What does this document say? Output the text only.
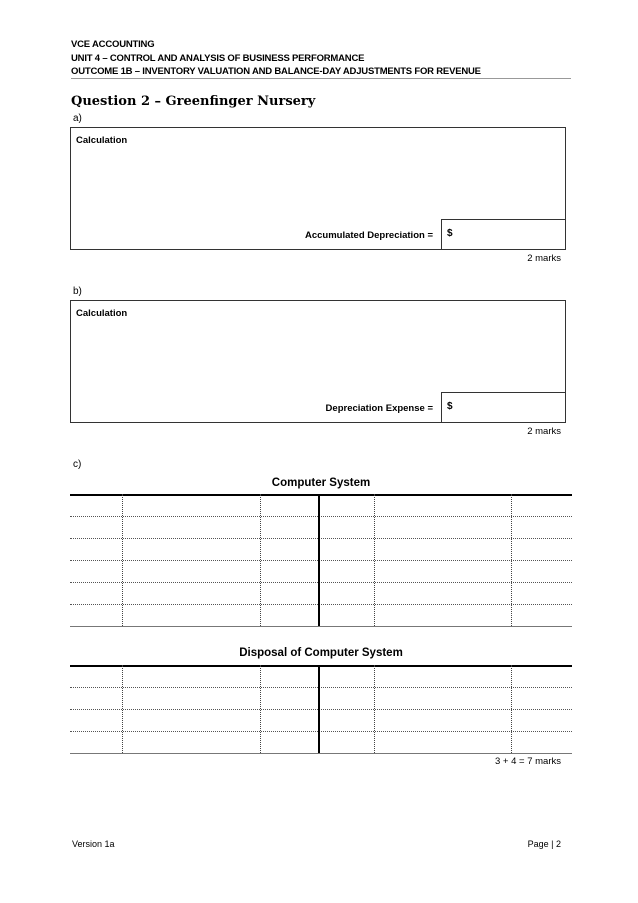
VCE ACCOUNTING
UNIT 4 – CONTROL AND ANALYSIS OF BUSINESS PERFORMANCE
OUTCOME 1B – INVENTORY VALUATION AND BALANCE-DAY ADJUSTMENTS FOR REVENUE
Question 2 – Greenfinger Nursery
a)
Calculation
Accumulated Depreciation = $
2 marks
b)
Calculation
Depreciation Expense = $
2 marks
c)
Computer System
Disposal of Computer System
3 + 4 = 7 marks
Version 1a	Page | 2
